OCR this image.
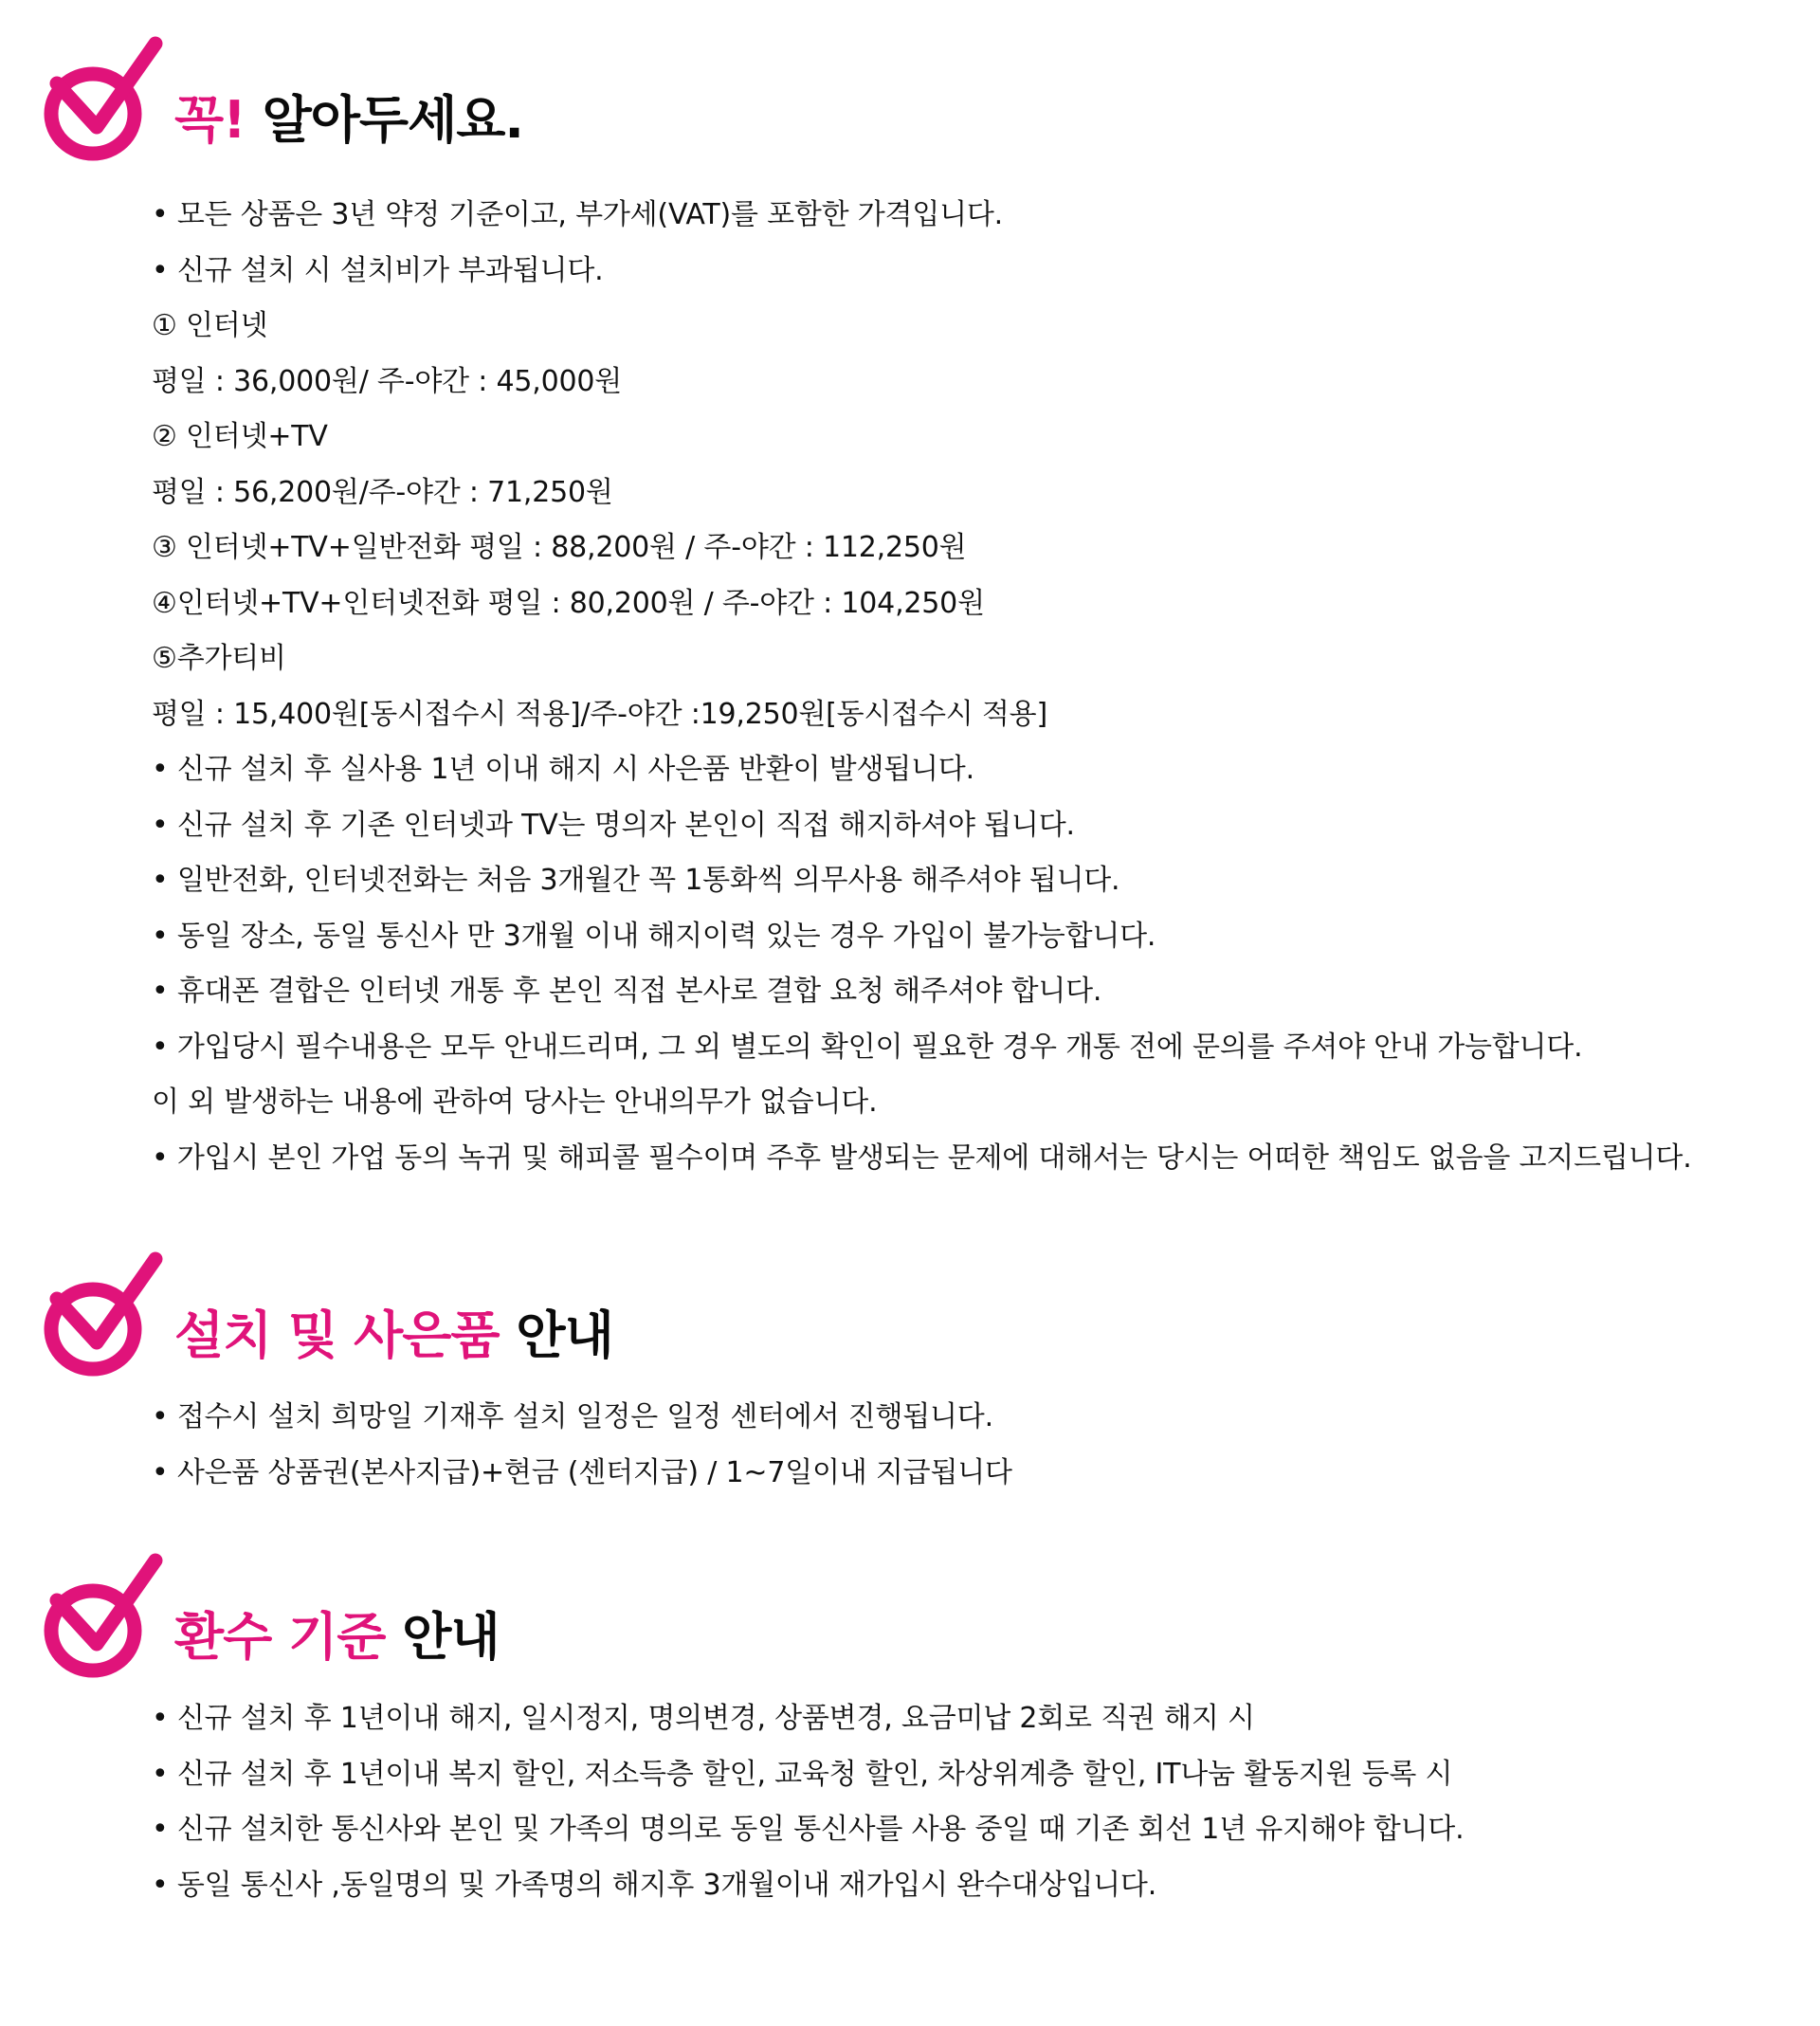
꼭! 알아두세요.
• 모든 상품은 3년 약정 기준이고, 부가세(VAT)를 포함한 가격입니다.
• 신규 설치 시 설치비가 부과됩니다.
① 인터넷
평일 : 36,000원/ 주-야간 : 45,000원
② 인터넷+TV
평일 : 56,200원/주-야간 : 71,250원
③ 인터넷+TV+일반전화 평일 : 88,200원 / 주-야간 : 112,250원
④인터넷+TV+인터넷전화 평일 : 80,200원 / 주-야간 : 104,250원
⑤추가티비
평일 : 15,400원[동시접수시 적용]/주-야간 :19,250원[동시접수시 적용]
• 신규 설치 후 실사용 1년 이내 해지 시 사은품 반환이 발생됩니다.
• 신규 설치 후 기존 인터넷과 TV는 명의자 본인이 직접 해지하셔야 됩니다.
• 일반전화, 인터넷전화는 처음 3개월간 꼭 1통화씩 의무사용 해주셔야 됩니다.
• 동일 장소, 동일 통신사 만 3개월 이내 해지이력 있는 경우 가입이 불가능합니다.
• 휴대폰 결합은 인터넷 개통 후 본인 직접 본사로 결합 요청 해주셔야 합니다.
• 가입당시 필수내용은 모두 안내드리며, 그 외 별도의 확인이 필요한 경우 개통 전에 문의를 주셔야 안내 가능합니다.
이 외 발생하는 내용에 관하여 당사는 안내의무가 없습니다.
• 가입시 본인 가업 동의 녹귀 및 해피콜 필수이며 주후 발생되는 문제에 대해서는 당시는 어떠한 책임도 없음을 고지드립니다.
설치 및 사은품 안내
• 접수시 설치 희망일 기재후 설치 일정은 일정 센터에서 진행됩니다.
• 사은품 상품권(본사지급)+현금 (센터지급) / 1~7일이내 지급됩니다
환수 기준 안내
• 신규 설치 후 1년이내 해지, 일시정지, 명의변경, 상품변경, 요금미납 2회로 직권 해지 시
• 신규 설치 후 1년이내 복지 할인, 저소득층 할인, 교육청 할인, 차상위계층 할인, IT나눔 활동지원 등록 시
• 신규 설치한 통신사와 본인 및 가족의 명의로 동일 통신사를 사용 중일 때 기존 회선 1년 유지해야 합니다.
• 동일 통신사 ,동일명의 및 가족명의 해지후 3개월이내 재가입시 완수대상입니다.
